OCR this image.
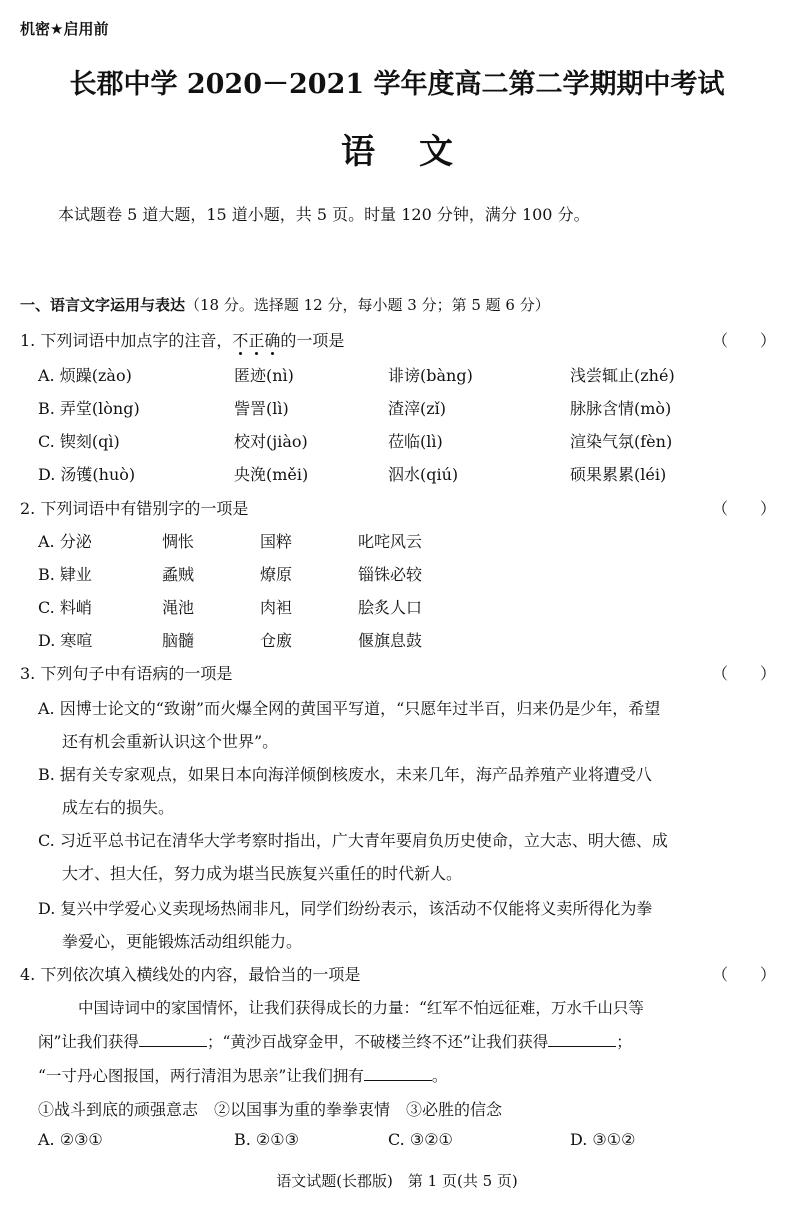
机密★启用前
长郡中学 2020－2021 学年度高二第二学期期中考试
语文
本试题卷 5 道大题，15 道小题，共 5 页。时量 120 分钟，满分 100 分。
一、语言文字运用与表达（18 分。选择题 12 分，每小题 3 分；第 5 题 6 分）
1. 下列词语中加点字的注音，不
正
确
的一项是	（　　）
A. 烦躁(zào)	匿迹(nì)	诽谤(bàng)	浅尝辄止(zhé)
B. 弄堂(lòng)	訾詈(lì)	渣滓(zǐ)	脉脉含情(mò)
C. 锲刻(qì)	校对(jiào)	莅临(lì)	渲染气氛(fèn)
D. 汤镬(huò)	央浼(měi)	泅水(qiú)	硕果累累(léi)
2. 下列词语中有错别字的一项是	（　　）
A. 分泌	惆怅	国粹	叱咤风云
B. 肄业	蟊贼	燎原	锱铢必较
C. 料峭	渑池	肉袒	脍炙人口
D. 寒喧	脑髓	仓廒	偃旗息鼓
3. 下列句子中有语病的一项是	（　　）
A. 因博士论文的“致谢”而火爆全网的黄国平写道，“只愿年过半百，归来仍是少年，希望
还有机会重新认识这个世界”。
B. 据有关专家观点，如果日本向海洋倾倒核废水，未来几年，海产品养殖产业将遭受八
成左右的损失。
C. 习近平总书记在清华大学考察时指出，广大青年要肩负历史使命，立大志、明大德、成
大才、担大任，努力成为堪当民族复兴重任的时代新人。
D. 复兴中学爱心义卖现场热闹非凡，同学们纷纷表示，该活动不仅能将义卖所得化为拳
拳爱心，更能锻炼活动组织能力。
4. 下列依次填入横线处的内容，最恰当的一项是	（　　）
中国诗词中的家国情怀，让我们获得成长的力量：“红军不怕远征难，万水千山只等
闲”让我们获得	；“黄沙百战穿金甲，不破楼兰终不还”让我们获得	；
“一寸丹心图报国，两行清泪为思亲”让我们拥有	。
①战斗到底的顽强意志　②以国事为重的拳拳衷情　③必胜的信念
A. ②③①	B. ②①③	C. ③②①	D. ③①②
语文试题(长郡版)　第 1 页(共 5 页)
